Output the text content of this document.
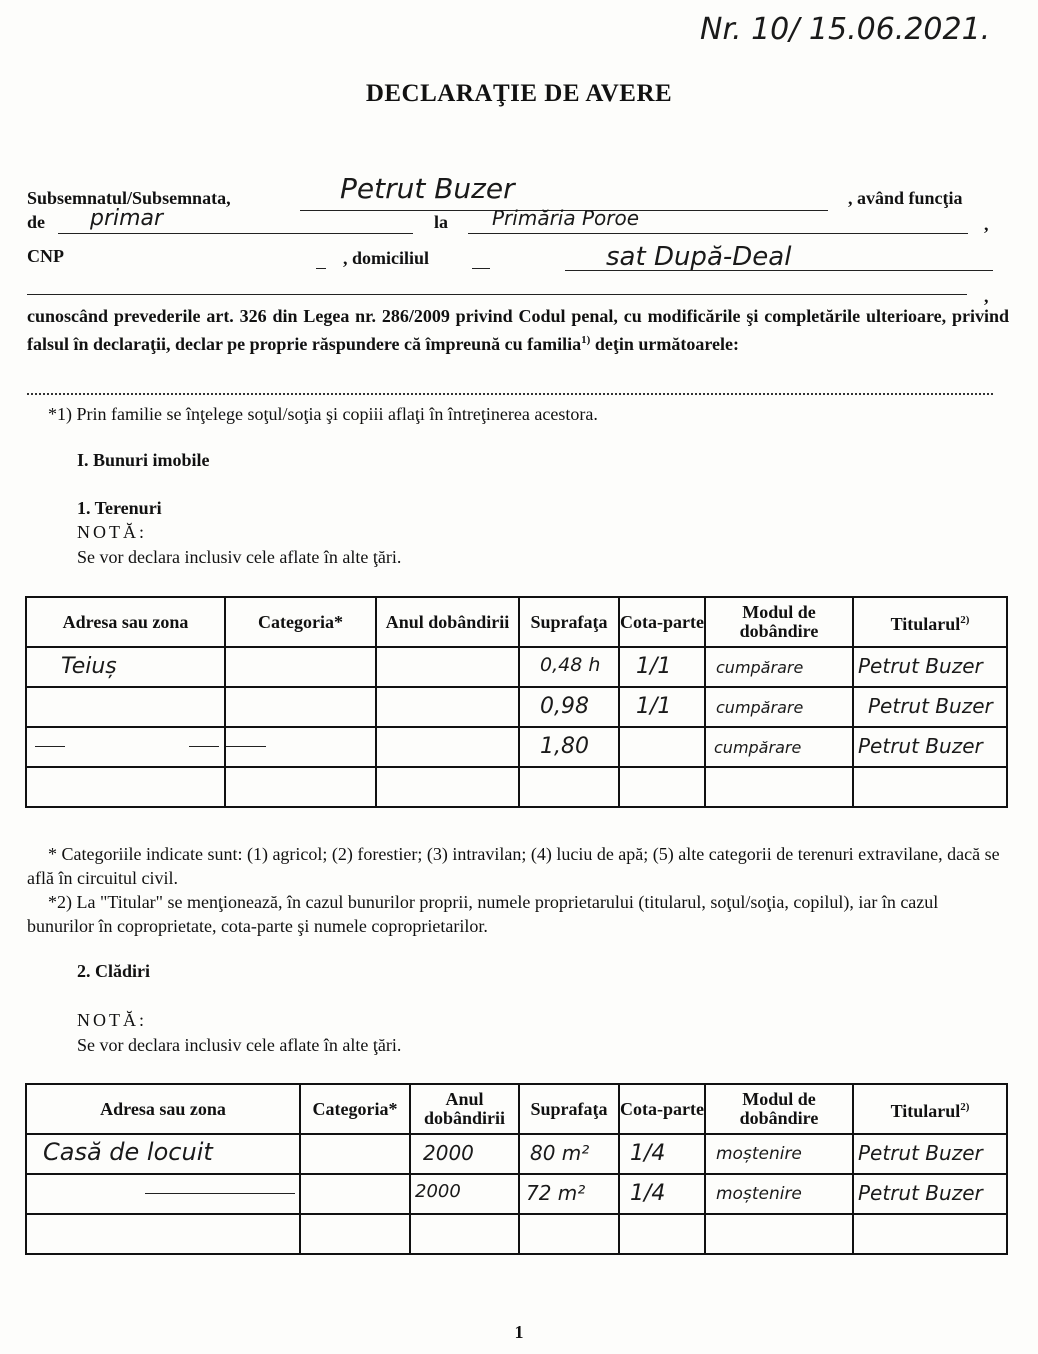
Nr. 10/ 15.06.2021.
DECLARAŢIE DE AVERE
Subsemnatul/Subsemnata,	Petrut Buzer	, având funcţia
de primar	la Primăria Poroe	,
CNP	, domiciliul	sat După-Deal
,
cunoscând prevederile art. 326 din Legea nr. 286/2009 privind Codul penal, cu modificările şi completările ulterioare, privind falsul în declaraţii, declar pe proprie răspundere că împreună cu familia$^{1)}$ deţin următoarele:
*1) Prin familie se înţelege soţul/soţia şi copiii aflaţi în întreţinerea acestora.
I. Bunuri imobile
1. Terenuri
NOTĂ:
Se vor declara inclusiv cele aflate în alte ţări.
Adresa sau zona	Categoria*	Anul dobândirii	Suprafaţa	Cota-parte	Modul de dobândire	Titularul$^{2)}$

Teiuș			0,48 h	1/1	cumpărare	Petrut Buzer

			0,98	1/1	cumpărare	Petrut Buzer

			1,80		cumpărare	Petrut Buzer

* Categoriile indicate sunt: (1) agricol; (2) forestier; (3) intravilan; (4) luciu de apă; (5) alte categorii de terenuri extravilane, dacă se află în circuitul civil.
*2) La "Titular" se menţionează, în cazul bunurilor proprii, numele proprietarului (titularul, soţul/soţia, copilul), iar în cazul bunurilor în coproprietate, cota-parte şi numele coproprietarilor.
2. Clădiri
NOTĂ:
Se vor declara inclusiv cele aflate în alte ţări.
Adresa sau zona	Categoria*	Anul dobândirii	Suprafaţa	Cota-parte	Modul de dobândire	Titularul$^{2)}$

Casă de locuit		2000	80 m²	1/4	moștenire	Petrut Buzer

		2000	72 m²	1/4	moștenire	Petrut Buzer

1
